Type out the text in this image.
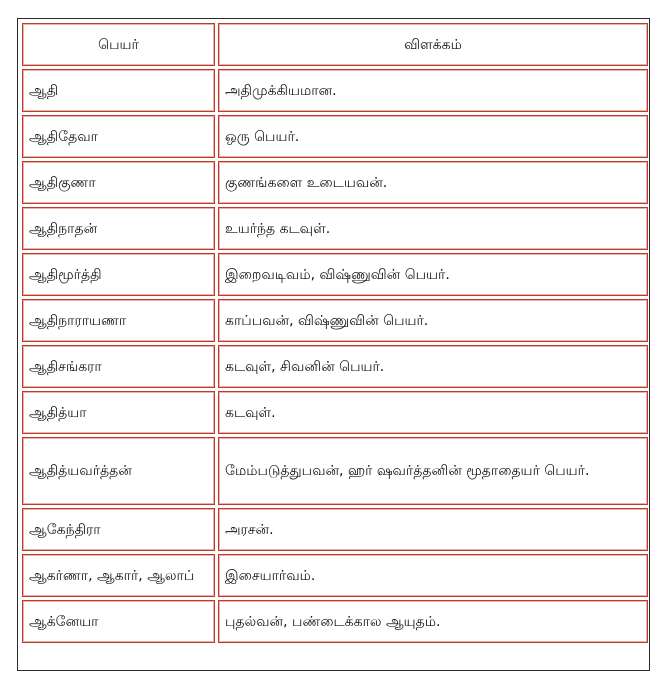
பெயர்	விளக்கம்
ஆதி	அதிமுக்கியமான.
ஆதிதேவா	ஒரு பெயர்.
ஆதிகுணா	குணங்களை உடையவன்.
ஆதிநாதன்	உயர்ந்த கடவுள்.
ஆதிமூர்த்தி	இறைவடிவம், விஷ்ணுவின் பெயர்.
ஆதிநாராயணா	காப்பவன், விஷ்ணுவின் பெயர்.
ஆதிசங்கரா	கடவுள், சிவனின் பெயர்.
ஆதித்யா	கடவுள்.
ஆதித்யவர்த்தன்	மேம்படுத்துபவன், ஹர் ஷவர்த்தனின் மூதாதையர் பெயர்.
ஆகேந்திரா	அரசன்.
ஆகர்ணா, ஆகார், ஆலாப்	இசையார்வம்.
ஆக்னேயா	புதல்வன், பண்டைக்கால ஆயுதம்.
